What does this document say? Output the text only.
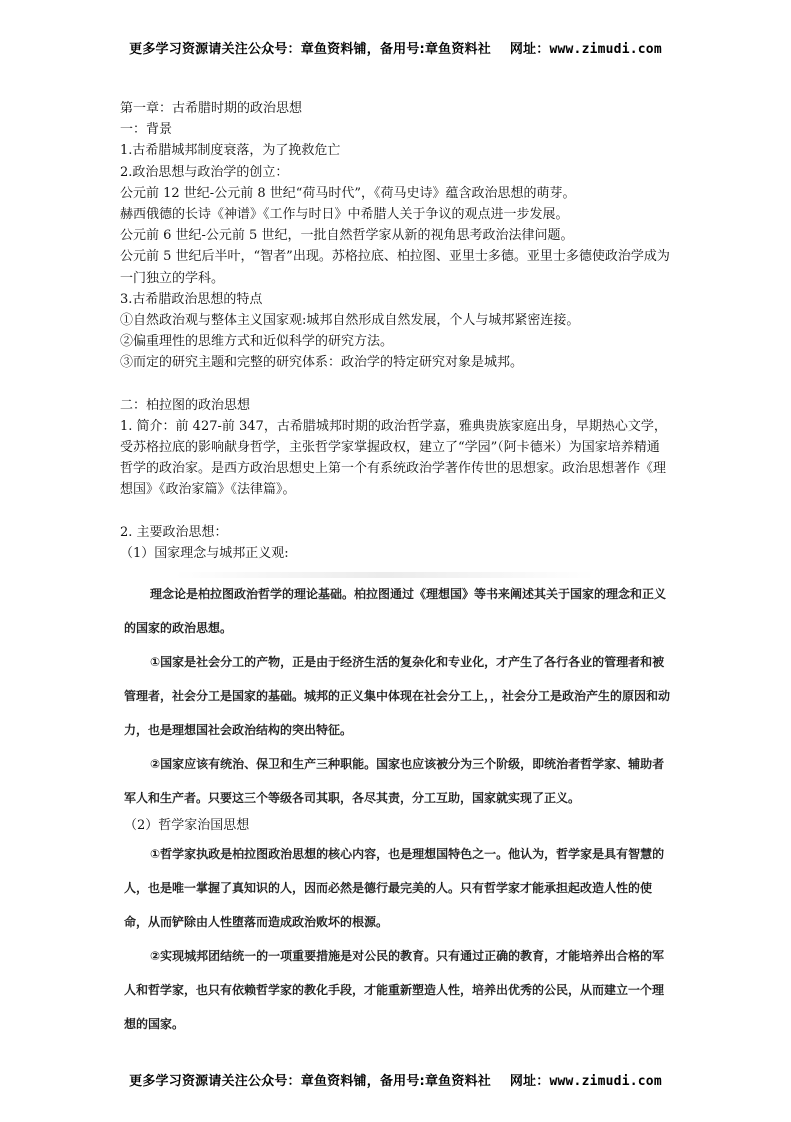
更多学习资源请关注公众号：章鱼资料铺，备用号:章鱼资料社 网址：www.zimudi.com

第一章：古希腊时期的政治思想

一：背景

1.古希腊城邦制度衰落，为了挽救危亡

2.政治思想与政治学的创立：

公元前 12 世纪-公元前 8 世纪“荷马时代”，《荷马史诗》蕴含政治思想的萌芽。

赫西俄德的长诗《神谱》《工作与时日》中希腊人关于争议的观点进一步发展。

公元前 6 世纪-公元前 5 世纪，一批自然哲学家从新的视角思考政治法律问题。

公元前 5 世纪后半叶，“智者”出现。苏格拉底、柏拉图、亚里士多德。亚里士多德使政治学成为一门独立的学科。

3.古希腊政治思想的特点

①自然政治观与整体主义国家观:城邦自然形成自然发展，个人与城邦紧密连接。

②偏重理性的思维方式和近似科学的研究方法。

③而定的研究主题和完整的研究体系：政治学的特定研究对象是城邦。

二：柏拉图的政治思想

1. 简介：前 427-前 347，古希腊城邦时期的政治哲学嘉，雅典贵族家庭出身，早期热心文学，受苏格拉底的影响献身哲学，主张哲学家掌握政权，建立了“学园”（阿卡德米）为国家培养精通哲学的政治家。是西方政治思想史上第一个有系统政治学著作传世的思想家。政治思想著作《理想国》《政治家篇》《法律篇》。

2. 主要政治思想：

（1）国家理念与城邦正义观:

理念论是柏拉图政治哲学的理论基础。柏拉图通过《理想国》等书来阐述其关于国家的理念和正义的国家的政治思想。

①国家是社会分工的产物，正是由于经济生活的复杂化和专业化，才产生了各行各业的管理者和被管理者，社会分工是国家的基础。城邦的正义集中体现在社会分工上，，社会分工是政治产生的原因和动力，也是理想国社会政治结构的突出特征。

②国家应该有统治、保卫和生产三种职能。国家也应该被分为三个阶级，即统治者哲学家、辅助者军人和生产者。只要这三个等级各司其职，各尽其责，分工互助，国家就实现了正义。

（2）哲学家治国思想

①哲学家执政是柏拉图政治思想的核心内容，也是理想国特色之一。他认为，哲学家是具有智慧的人，也是唯一掌握了真知识的人，因而必然是德行最完美的人。只有哲学家才能承担起改造人性的使命，从而铲除由人性堕落而造成政治败坏的根源。

②实现城邦团结统一的一项重要措施是对公民的教育。只有通过正确的教育，才能培养出合格的军人和哲学家，也只有依赖哲学家的教化手段，才能重新塑造人性，培养出优秀的公民，从而建立一个理想的国家。

更多学习资源请关注公众号：章鱼资料铺，备用号:章鱼资料社 网址：www.zimudi.com
